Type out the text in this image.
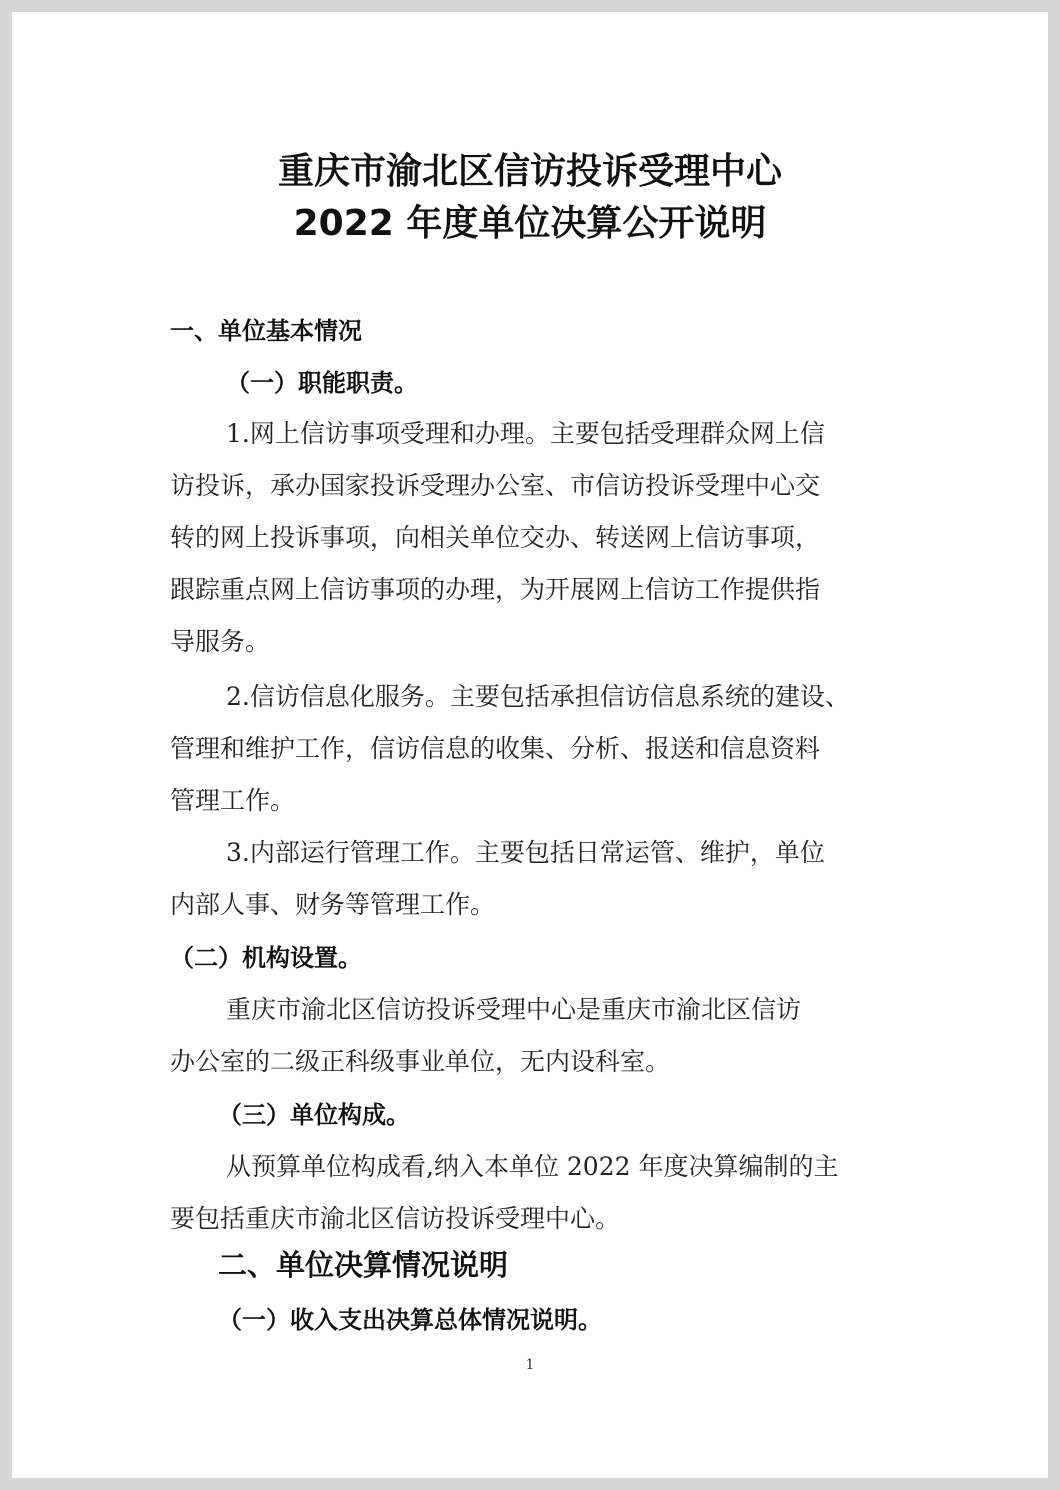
重庆市渝北区信访投诉受理中心
2022 年度单位决算公开说明
一、单位基本情况
（一）职能职责。
1.网上信访事项受理和办理。主要包括受理群众网上信
访投诉，承办国家投诉受理办公室、市信访投诉受理中心交
转的网上投诉事项，向相关单位交办、转送网上信访事项，
跟踪重点网上信访事项的办理，为开展网上信访工作提供指
导服务。
2.信访信息化服务。主要包括承担信访信息系统的建设、
管理和维护工作，信访信息的收集、分析、报送和信息资料
管理工作。
3.内部运行管理工作。主要包括日常运管、维护，单位
内部人事、财务等管理工作。
（二）机构设置。
重庆市渝北区信访投诉受理中心是重庆市渝北区信访
办公室的二级正科级事业单位，无内设科室。
（三）单位构成。
从预算单位构成看,纳入本单位 2022 年度决算编制的主
要包括重庆市渝北区信访投诉受理中心。
二、单位决算情况说明
（一）收入支出决算总体情况说明。
1
